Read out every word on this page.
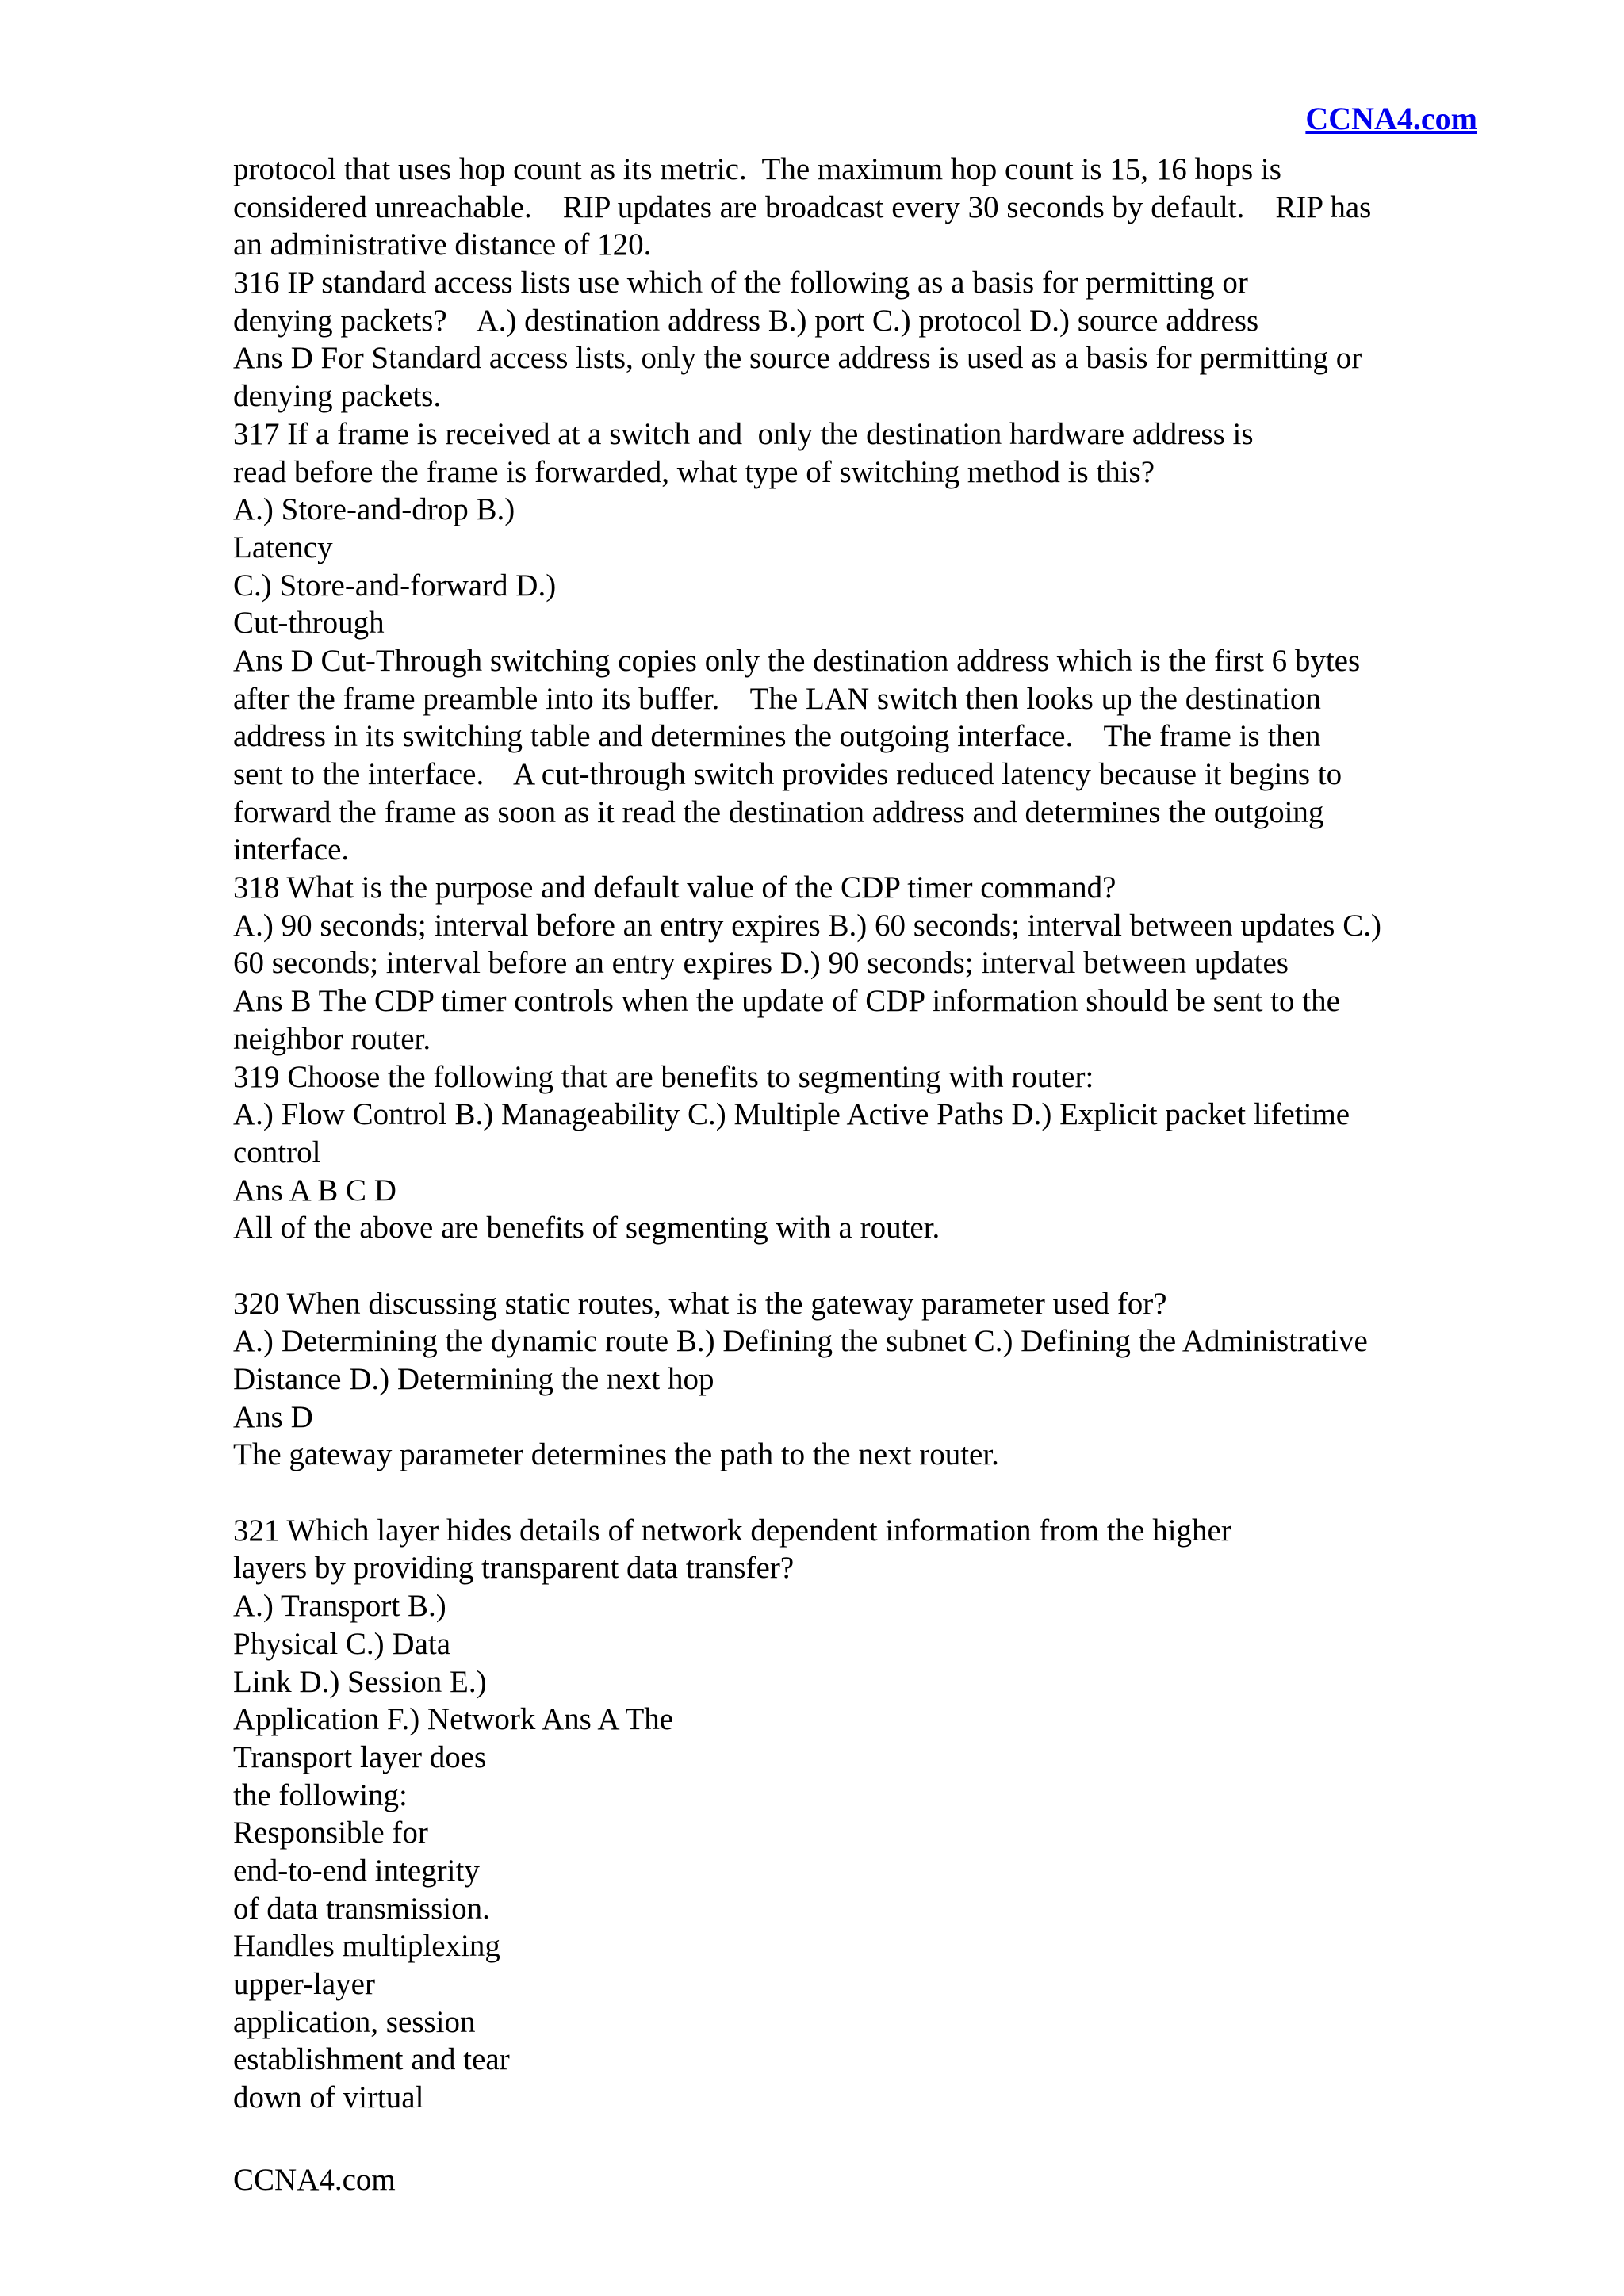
CCNA4.com
protocol that uses hop count as its metric.  The maximum hop count is 15, 16 hops is
considered unreachable.    RIP updates are broadcast every 30 seconds by default.    RIP has
an administrative distance of 120.
316 IP standard access lists use which of the following as a basis for permitting or
denying packets?    A.) destination address B.) port C.) protocol D.) source address
Ans D For Standard access lists, only the source address is used as a basis for permitting or
denying packets.
317 If a frame is received at a switch and  only the destination hardware address is
read before the frame is forwarded, what type of switching method is this?
A.) Store-and-drop B.)
Latency
C.) Store-and-forward D.)
Cut-through
Ans D Cut-Through switching copies only the destination address which is the first 6 bytes
after the frame preamble into its buffer.    The LAN switch then looks up the destination
address in its switching table and determines the outgoing interface.    The frame is then
sent to the interface.    A cut-through switch provides reduced latency because it begins to
forward the frame as soon as it read the destination address and determines the outgoing
interface.
318 What is the purpose and default value of the CDP timer command?
A.) 90 seconds; interval before an entry expires B.) 60 seconds; interval between updates C.)
60 seconds; interval before an entry expires D.) 90 seconds; interval between updates
Ans B The CDP timer controls when the update of CDP information should be sent to the
neighbor router.
319 Choose the following that are benefits to segmenting with router:
A.) Flow Control B.) Manageability C.) Multiple Active Paths D.) Explicit packet lifetime
control
Ans A B C D
All of the above are benefits of segmenting with a router.
320 When discussing static routes, what is the gateway parameter used for?
A.) Determining the dynamic route B.) Defining the subnet C.) Defining the Administrative
Distance D.) Determining the next hop
Ans D
The gateway parameter determines the path to the next router.
321 Which layer hides details of network dependent information from the higher
layers by providing transparent data transfer?
A.) Transport B.)
Physical C.) Data
Link D.) Session E.)
Application F.) Network Ans A The
Transport layer does
the following:
Responsible for
end-to-end integrity
of data transmission.
Handles multiplexing
upper-layer
application, session
establishment and tear
down of virtual
CCNA4.com
